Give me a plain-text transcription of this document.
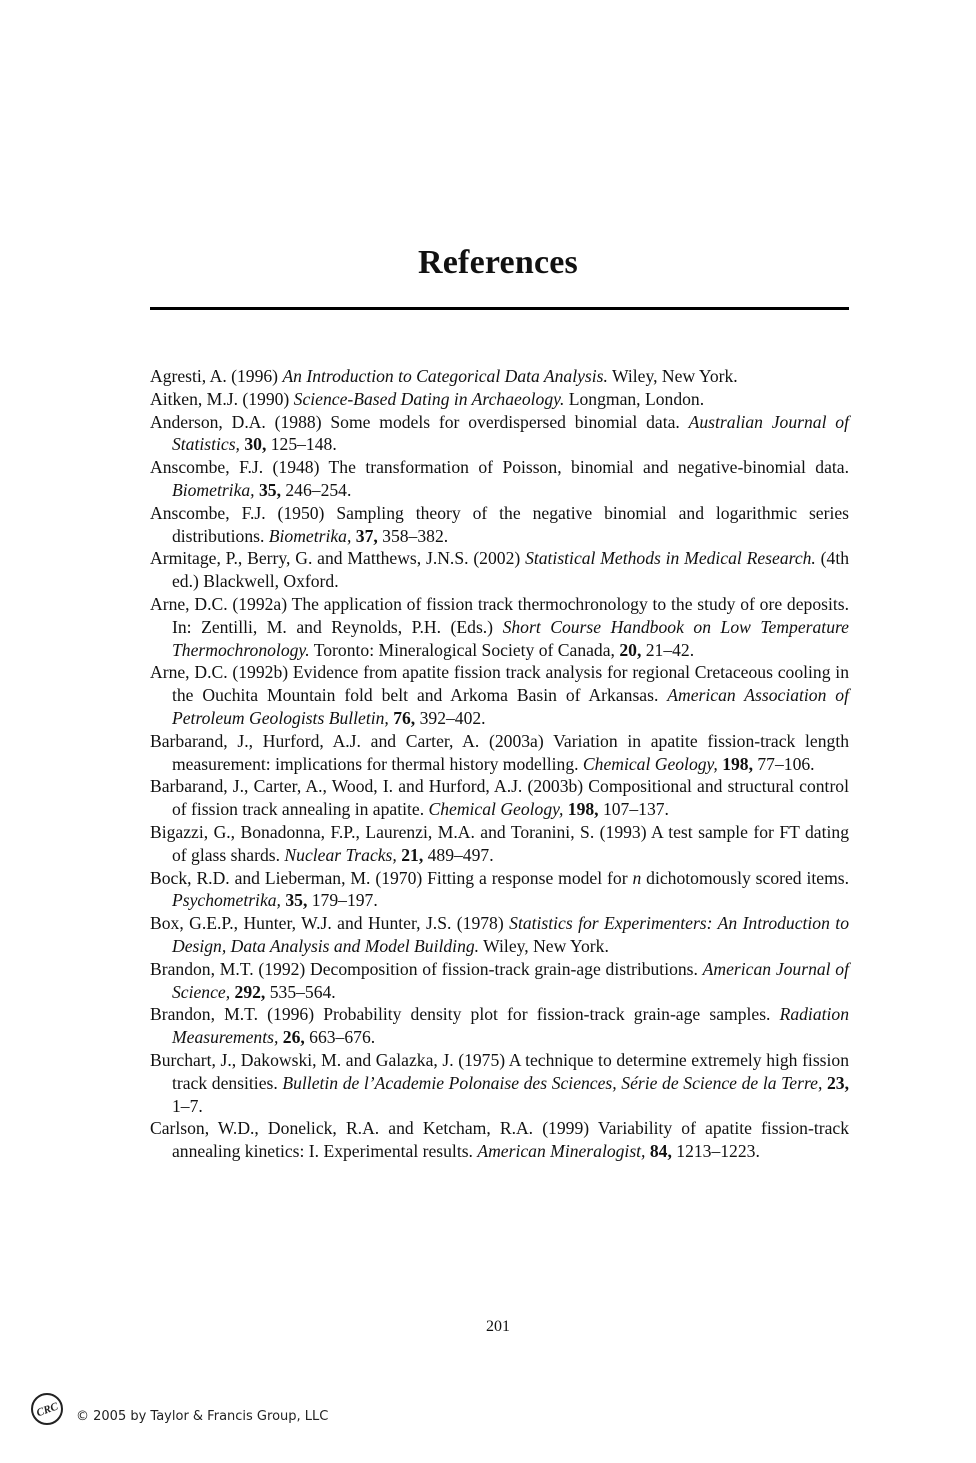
References
Agresti, A. (1996) An Introduction to Categorical Data Analysis. Wiley, New York.
Aitken, M.J. (1990) Science-Based Dating in Archaeology. Longman, London.
Anderson, D.A. (1988) Some models for overdispersed binomial data. Australian Journal of Statistics, 30, 125–148.
Anscombe, F.J. (1948) The transformation of Poisson, binomial and negative-binomial data. Biometrika, 35, 246–254.
Anscombe, F.J. (1950) Sampling theory of the negative binomial and logarithmic series distributions. Biometrika, 37, 358–382.
Armitage, P., Berry, G. and Matthews, J.N.S. (2002) Statistical Methods in Medical Research. (4th ed.) Blackwell, Oxford.
Arne, D.C. (1992a) The application of fission track thermochronology to the study of ore deposits. In: Zentilli, M. and Reynolds, P.H. (Eds.) Short Course Handbook on Low Temperature Thermochronology. Toronto: Mineralogical Society of Canada, 20, 21–42.
Arne, D.C. (1992b) Evidence from apatite fission track analysis for regional Cretaceous cooling in the Ouchita Mountain fold belt and Arkoma Basin of Arkansas. American Association of Petroleum Geologists Bulletin, 76, 392–402.
Barbarand, J., Hurford, A.J. and Carter, A. (2003a) Variation in apatite fission-track length measurement: implications for thermal history modelling. Chemical Geology, 198, 77–106.
Barbarand, J., Carter, A., Wood, I. and Hurford, A.J. (2003b) Compositional and structural control of fission track annealing in apatite. Chemical Geology, 198, 107–137.
Bigazzi, G., Bonadonna, F.P., Laurenzi, M.A. and Toranini, S. (1993) A test sample for FT dating of glass shards. Nuclear Tracks, 21, 489–497.
Bock, R.D. and Lieberman, M. (1970) Fitting a response model for n dichotomously scored items. Psychometrika, 35, 179–197.
Box, G.E.P., Hunter, W.J. and Hunter, J.S. (1978) Statistics for Experimenters: An Introduction to Design, Data Analysis and Model Building. Wiley, New York.
Brandon, M.T. (1992) Decomposition of fission-track grain-age distributions. American Journal of Science, 292, 535–564.
Brandon, M.T. (1996) Probability density plot for fission-track grain-age samples. Radiation Measurements, 26, 663–676.
Burchart, J., Dakowski, M. and Galazka, J. (1975) A technique to determine extremely high fission track densities. Bulletin de l’Academie Polonaise des Sciences, Série de Science de la Terre, 23, 1–7.
Carlson, W.D., Donelick, R.A. and Ketcham, R.A. (1999) Variability of apatite fission-track annealing kinetics: I. Experimental results. American Mineralogist, 84, 1213–1223.
201
CRC © 2005 by Taylor & Francis Group, LLC
